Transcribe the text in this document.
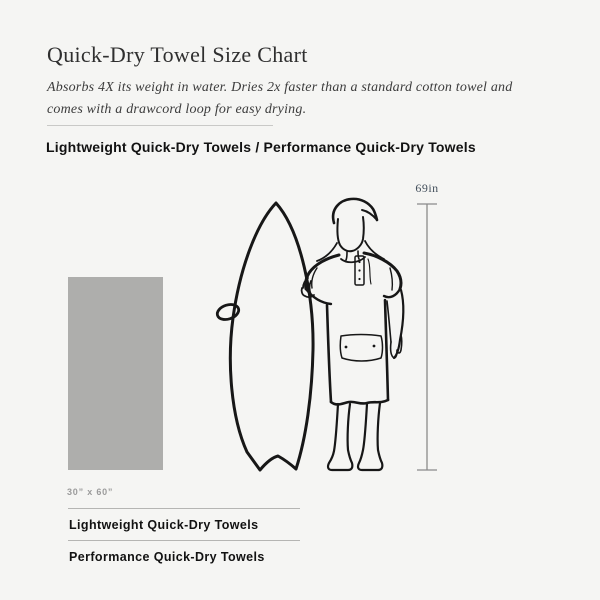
Quick-Dry Towel Size Chart
Absorbs 4X its weight in water. Dries 2x faster than a standard cotton towel and
comes with a drawcord loop for easy drying.
Lightweight Quick-Dry Towels / Performance Quick-Dry Towels
69in
30” x 60”
Lightweight Quick-Dry Towels
Performance Quick-Dry Towels
